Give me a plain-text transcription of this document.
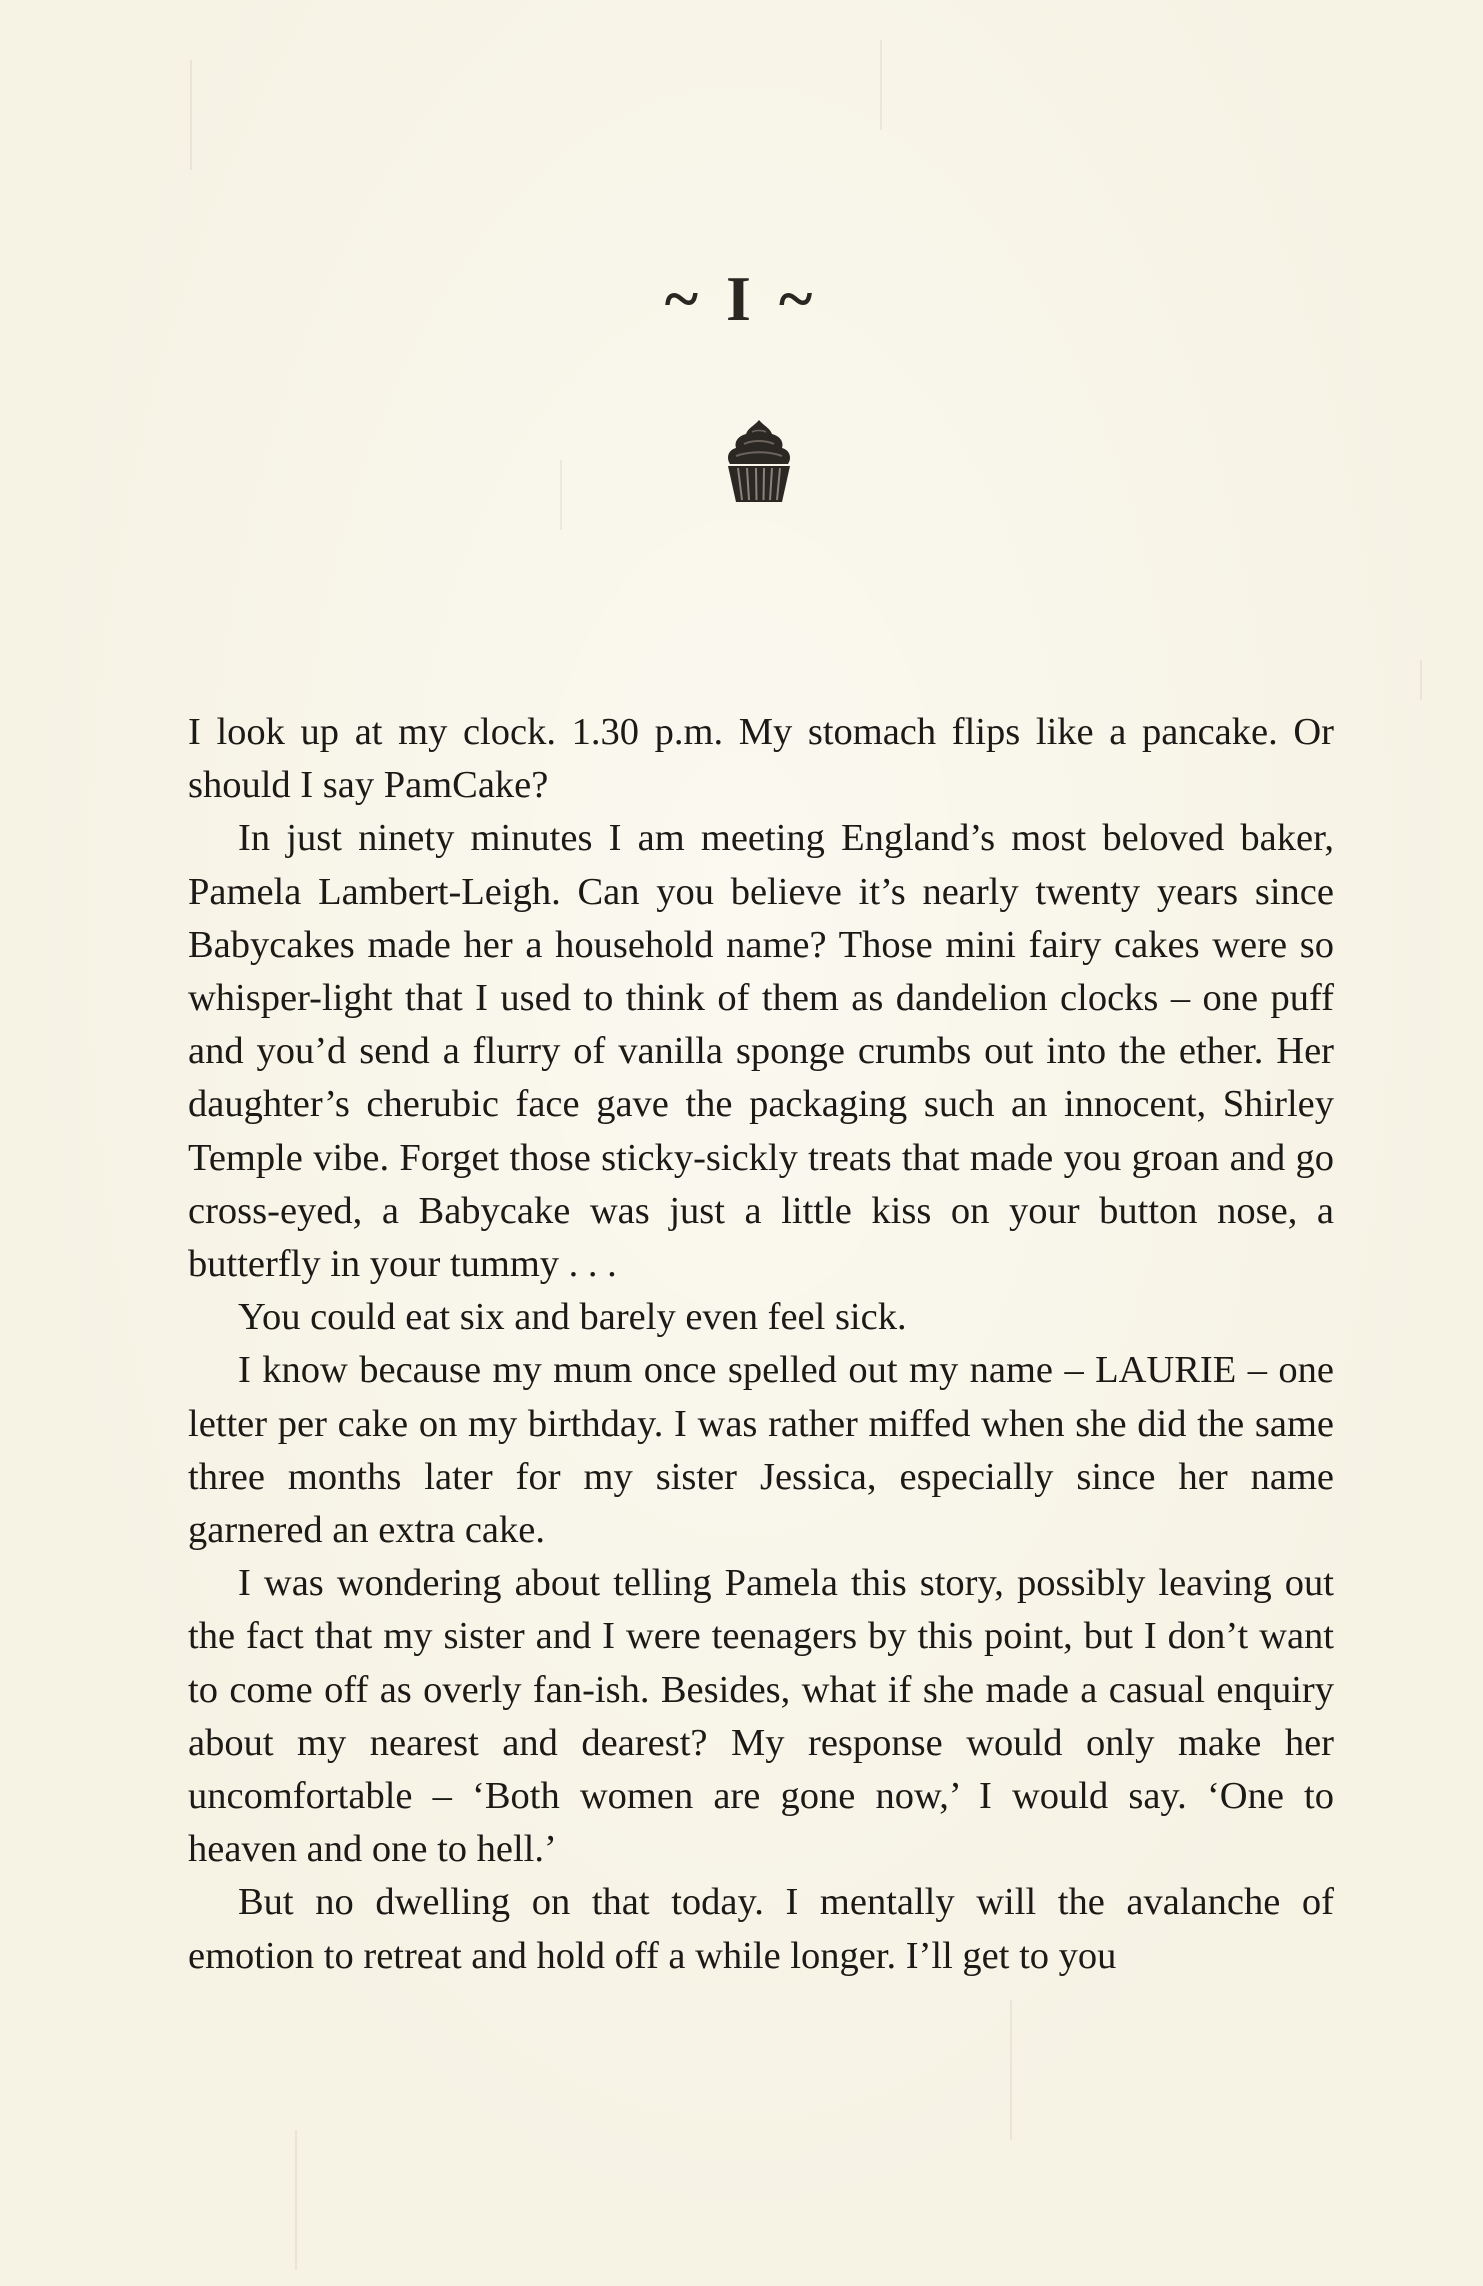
~ I ~

I look up at my clock. 1.30 p.m. My stomach flips like a pancake. Or should I say PamCake?

In just ninety minutes I am meeting England’s most beloved baker, Pamela Lambert-Leigh. Can you believe it’s nearly twenty years since Babycakes made her a household name? Those mini fairy cakes were so whisper-light that I used to think of them as dandelion clocks – one puff and you’d send a flurry of vanilla sponge crumbs out into the ether. Her daughter’s cherubic face gave the packaging such an innocent, Shirley Temple vibe. Forget those sticky-sickly treats that made you groan and go cross-eyed, a Babycake was just a little kiss on your button nose, a butterfly in your tummy . . .

You could eat six and barely even feel sick.

I know because my mum once spelled out my name – LAURIE – one letter per cake on my birthday. I was rather miffed when she did the same three months later for my sister Jessica, especially since her name garnered an extra cake.

I was wondering about telling Pamela this story, possibly leaving out the fact that my sister and I were teenagers by this point, but I don’t want to come off as overly fan-ish. Besides, what if she made a casual enquiry about my nearest and dearest? My response would only make her uncomfortable – ‘Both women are gone now,’ I would say. ‘One to heaven and one to hell.’

But no dwelling on that today. I mentally will the avalanche of emotion to retreat and hold off a while longer. I’ll get to you
